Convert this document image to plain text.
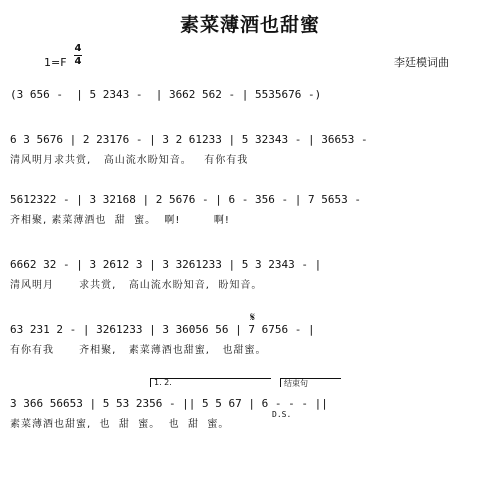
素菜薄酒也甜蜜
1=F
4
4	李廷模词曲
(3 656 -  | 5 2343 -  | 3662 562 - | 5535676 -)
6 3 5676 | 2 23176 - | 3 2 61233 | 5 32343 - | 36653 -
清风明月求共赏,   高山流水盼知音。   有你有我
5612322 - | 3 32168 | 2 5676 - | 6 - 356 - | 7 5653 -
齐相聚, 素菜薄酒也  甜  蜜。  啊!        啊!
6662 32 - | 3 2612 3 | 3 3261233 | 5 3 2343 - |
清风明月      求共赏,   高山流水盼知音,  盼知音。
𝄋
63 231 2 - | 3261233 | 3 36056 56 | 7 6756 - |
有你有我      齐相聚,   素菜薄酒也甜蜜,   也甜蜜。
1. 2.	结束句
3 366 56653 | 5 53 2356 - || 5 5 67 | 6 - - - ||
素菜薄酒也甜蜜,  也  甜  蜜。  也  甜  蜜。
D.S.
